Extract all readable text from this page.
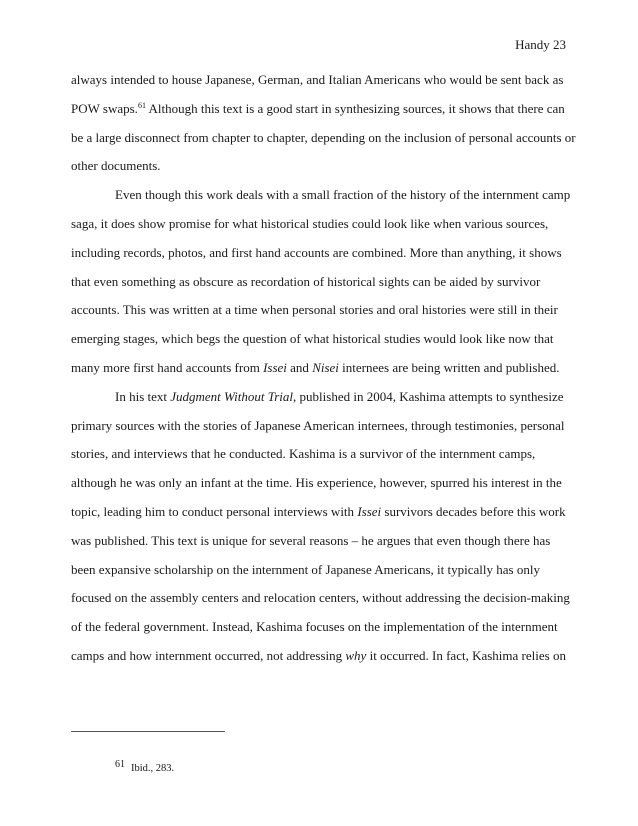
Handy 23
always intended to house Japanese, German, and Italian Americans who would be sent back as
POW swaps.$^{61}$ Although this text is a good start in synthesizing sources, it shows that there can
be a large disconnect from chapter to chapter, depending on the inclusion of personal accounts or
other documents.
Even though this work deals with a small fraction of the history of the internment camp
saga, it does show promise for what historical studies could look like when various sources,
including records, photos, and first hand accounts are combined. More than anything, it shows
that even something as obscure as recordation of historical sights can be aided by survivor
accounts. This was written at a time when personal stories and oral histories were still in their
emerging stages, which begs the question of what historical studies would look like now that
many more first hand accounts from Issei and Nisei internees are being written and published.
In his text Judgment Without Trial, published in 2004, Kashima attempts to synthesize
primary sources with the stories of Japanese American internees, through testimonies, personal
stories, and interviews that he conducted. Kashima is a survivor of the internment camps,
although he was only an infant at the time. His experience, however, spurred his interest in the
topic, leading him to conduct personal interviews with Issei survivors decades before this work
was published. This text is unique for several reasons – he argues that even though there has
been expansive scholarship on the internment of Japanese Americans, it typically has only
focused on the assembly centers and relocation centers, without addressing the decision-making
of the federal government. Instead, Kashima focuses on the implementation of the internment
camps and how internment occurred, not addressing why it occurred. In fact, Kashima relies on
$^{61}$ Ibid., 283.
